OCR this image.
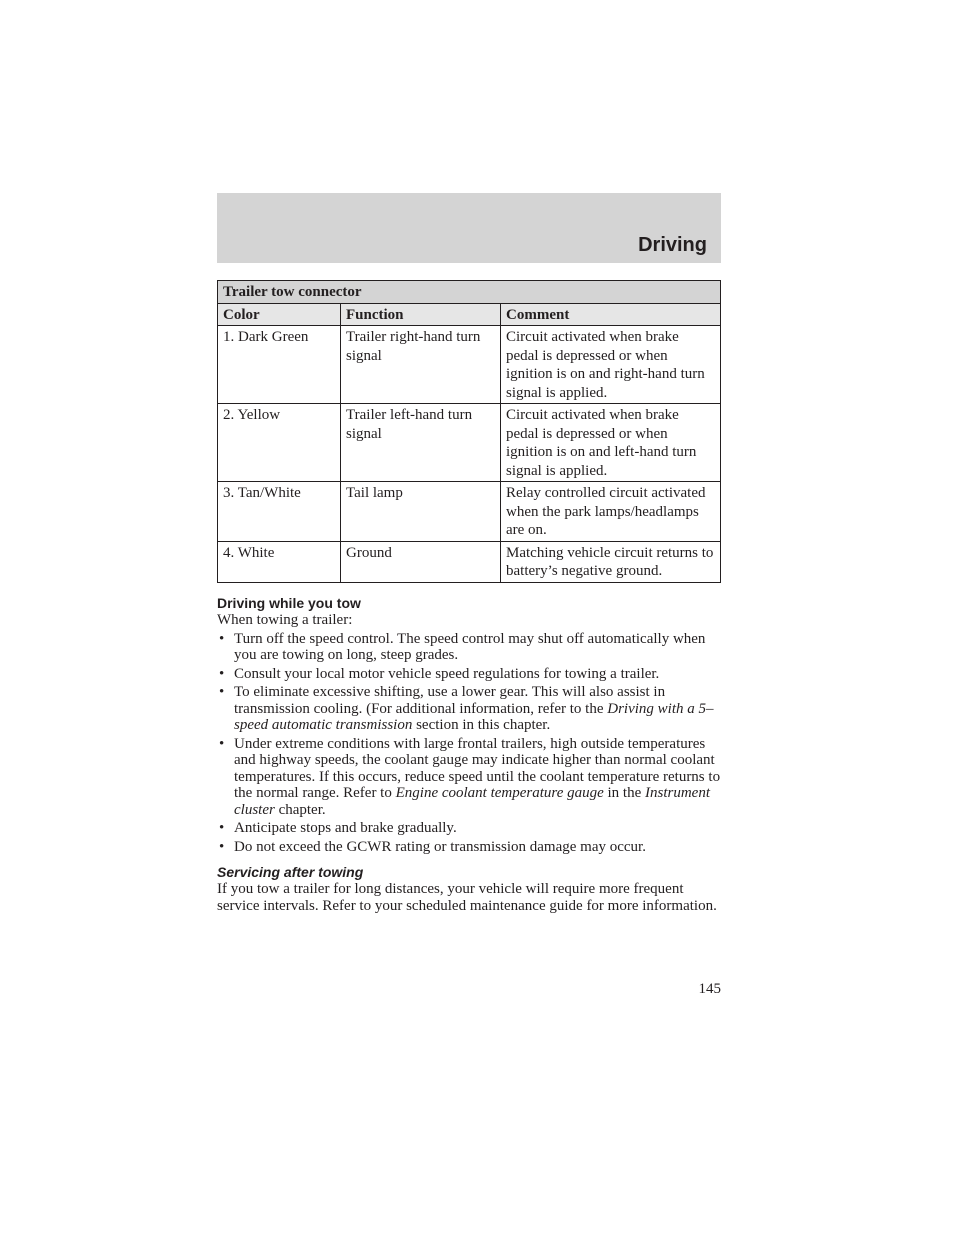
Driving
Trailer tow connector		
Color	Function	Comment
1. Dark Green	Trailer right-hand turn signal	Circuit activated when brake pedal is depressed or when ignition is on and right-hand turn signal is applied.
2. Yellow	Trailer left-hand turn signal	Circuit activated when brake pedal is depressed or when ignition is on and left-hand turn signal is applied.
3. Tan/White	Tail lamp	Relay controlled circuit activated when the park lamps/headlamps are on.
4. White	Ground	Matching vehicle circuit returns to battery’s negative ground.
Driving while you tow

When towing a trailer:

• Turn off the speed control. The speed control may shut off automatically when you are towing on long, steep grades.
• Consult your local motor vehicle speed regulations for towing a trailer.
• To eliminate excessive shifting, use a lower gear. This will also assist in transmission cooling. (For additional information, refer to the Driving with a 5–speed automatic transmission section in this chapter.
• Under extreme conditions with large frontal trailers, high outside temperatures and highway speeds, the coolant gauge may indicate higher than normal coolant temperatures. If this occurs, reduce speed until the coolant temperature returns to the normal range. Refer to Engine coolant temperature gauge in the Instrument cluster chapter.
• Anticipate stops and brake gradually.
• Do not exceed the GCWR rating or transmission damage may occur.
Servicing after towing

If you tow a trailer for long distances, your vehicle will require more frequent service intervals. Refer to your scheduled maintenance guide for more information.

145
